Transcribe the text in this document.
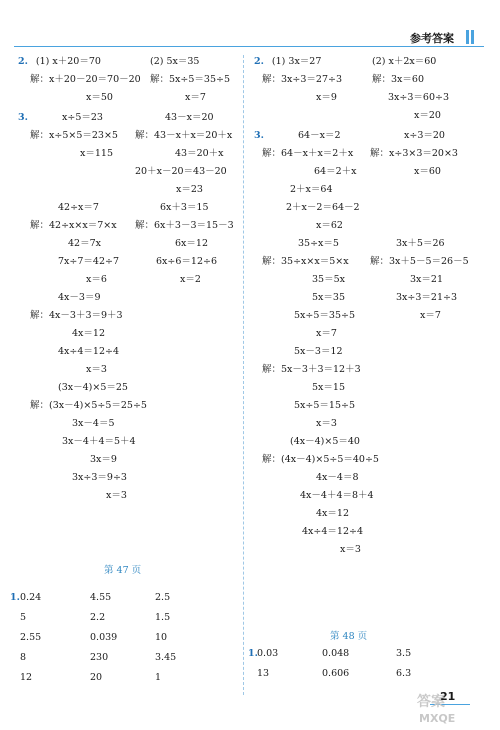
参考答案
2. (1) x＋20＝70	(2) 5x＝35
解：x＋20－20＝70－20 解：5x÷5＝35÷5
x＝50	x＝7
3.	x÷5＝23	43－x＝20
解：x÷5×5＝23×5 解：43－x＋x＝20＋x
x＝115	43＝20＋x
20＋x－20＝43－20
x＝23
42÷x＝7	6x＋3＝15
解：42÷x×x＝7×x 解：6x＋3－3＝15－3
42＝7x	6x＝12
7x÷7＝42÷7	6x÷6＝12÷6
x＝6	x＝2
4x－3＝9
解：4x－3＋3＝9＋3
4x＝12
4x÷4＝12÷4
x＝3
(3x－4)×5＝25
解：(3x－4)×5÷5＝25÷5
3x－4＝5
3x－4＋4＝5＋4
3x＝9
3x÷3＝9÷3
x＝3
2. (1) 3x＝27	(2) x＋2x＝60
解：3x÷3＝27÷3	解：3x＝60
x＝9	3x÷3＝60÷3
x＝20
3.	64－x＝2	x÷3＝20
解：64－x＋x＝2＋x 解：x÷3×3＝20×3
64＝2＋x	x＝60
2＋x＝64
2＋x－2＝64－2
x＝62
35÷x＝5	3x＋5＝26
解：35÷x×x＝5×x 解：3x＋5－5＝26－5
35＝5x	3x＝21
5x＝35	3x÷3＝21÷3
5x÷5＝35÷5	x＝7
x＝7
5x－3＝12
解：5x－3＋3＝12＋3
5x＝15
5x÷5＝15÷5
x＝3
(4x－4)×5＝40
解：(4x－4)×5÷5＝40÷5
4x－4＝8
4x－4＋4＝8＋4
4x＝12
4x÷4＝12÷4
x＝3
第 47 页
1. 0.24	4.55	2.5
5	2.2	1.5
2.55	0.039	10
8	230	3.45
12	20	1
第 48 页
1. 0.03	0.048	3.5
13	0.606	6.3
21
答案
MXQE
